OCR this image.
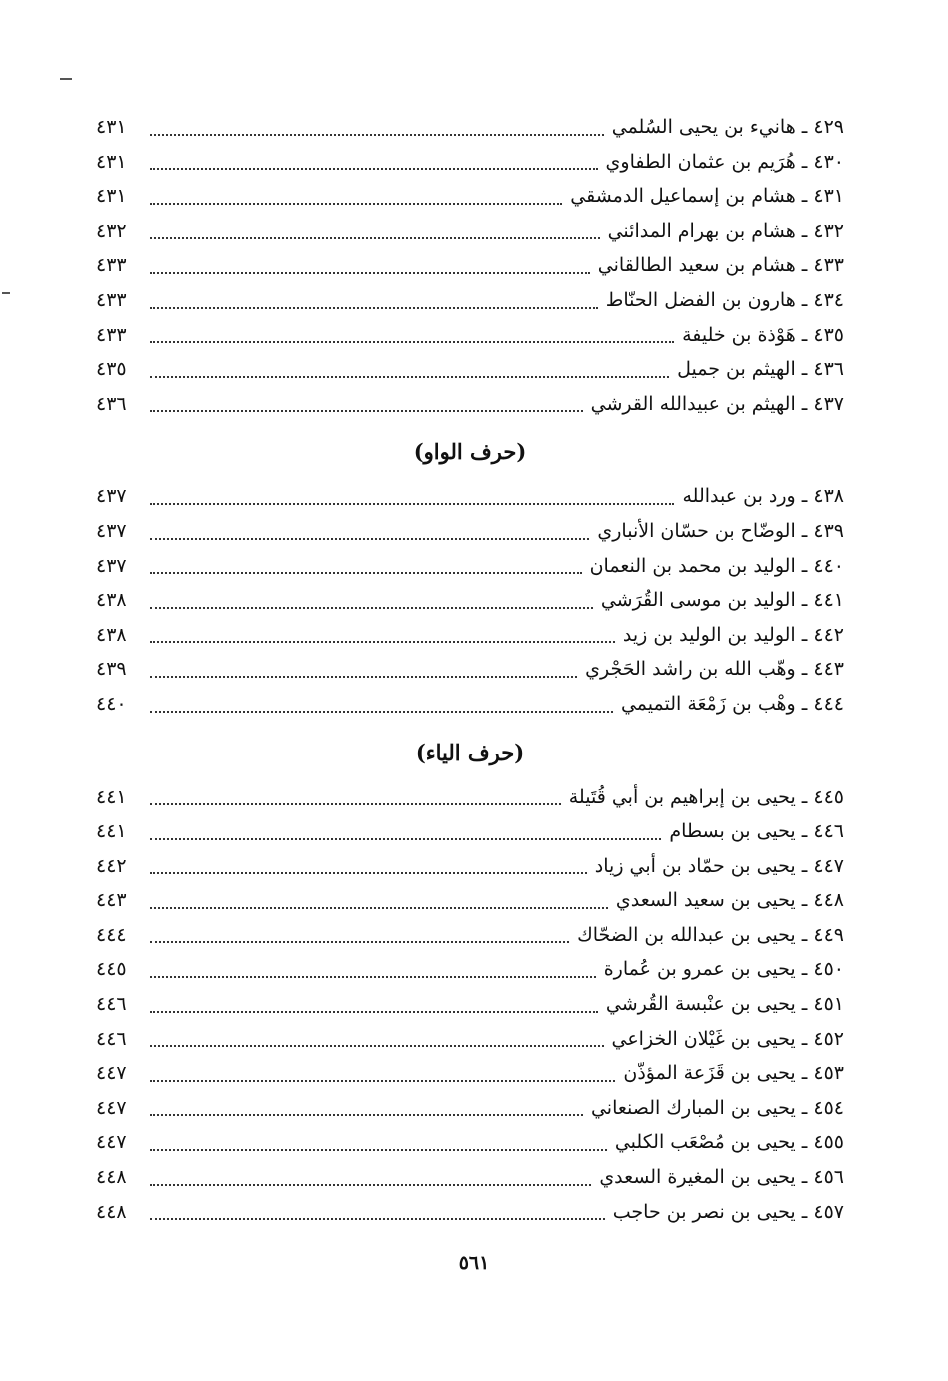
٤٢٩ ـ هانيء بن يحيى السُلمي
٤٣١
٤٣٠ ـ هُرَيم بن عثمان الطفاوي
٤٣١
٤٣١ ـ هشام بن إسماعيل الدمشقي
٤٣١
٤٣٢ ـ هشام بن بهرام المدائني
٤٣٢
٤٣٣ ـ هشام بن سعيد الطالقاني
٤٣٣
٤٣٤ ـ هارون بن الفضل الحنّاط
٤٣٣
٤٣٥ ـ هَوْذة بن خليفة
٤٣٣
٤٣٦ ـ الهيثم بن جميل
٤٣٥
٤٣٧ ـ الهيثم بن عبيدالله القرشي
٤٣٦
(حرف الواو)
٤٣٨ ـ ورد بن عبدالله
٤٣٧
٤٣٩ ـ الوضّاح بن حسّان الأنباري
٤٣٧
٤٤٠ ـ الوليد بن محمد بن النعمان
٤٣٧
٤٤١ ـ الوليد بن موسى القُرَشي
٤٣٨
٤٤٢ ـ الوليد بن الوليد بن زيد
٤٣٨
٤٤٣ ـ وهّب الله بن راشد الحَجْري
٤٣٩
٤٤٤ ـ وهْب بن زَمْعَة التميمي
٤٤٠
(حرف الياء)
٤٤٥ ـ يحيى بن إبراهيم بن أبي قُتَيلة
٤٤١
٤٤٦ ـ يحيى بن بسطام
٤٤١
٤٤٧ ـ يحيى بن حمّاد بن أبي زياد
٤٤٢
٤٤٨ ـ يحيى بن سعيد السعدي
٤٤٣
٤٤٩ ـ يحيى بن عبدالله بن الضحّاك
٤٤٤
٤٥٠ ـ يحيى بن عمرو بن عُمارة
٤٤٥
٤٥١ ـ يحيى بن عنْبسة القُرشي
٤٤٦
٤٥٢ ـ يحيى بن غَيْلان الخزاعي
٤٤٦
٤٥٣ ـ يحيى بن قَزَعة المؤذّن
٤٤٧
٤٥٤ ـ يحيى بن المبارك الصنعاني
٤٤٧
٤٥٥ ـ يحيى بن مُصْعَب الكلبي
٤٤٧
٤٥٦ ـ يحيى بن المغيرة السعدي
٤٤٨
٤٥٧ ـ يحيى بن نصر بن حاجب
٤٤٨
٥٦١
